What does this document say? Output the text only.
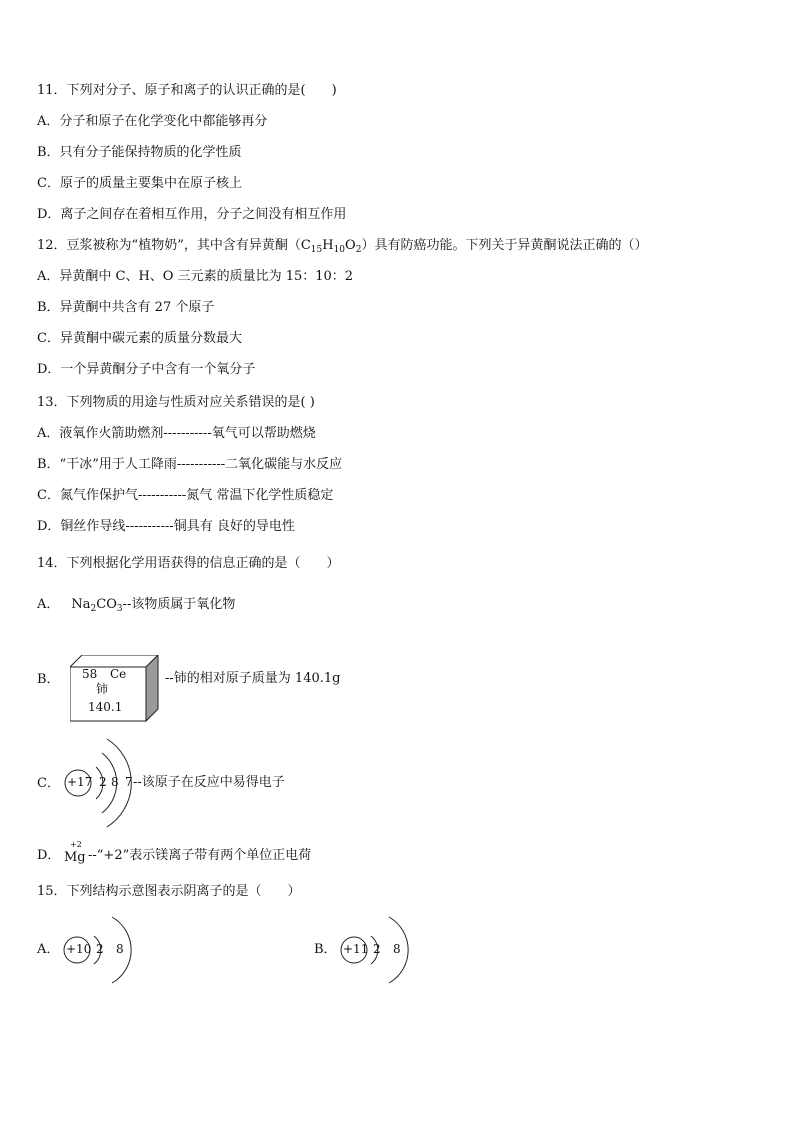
11．下列对分子、原子和离子的认识正确的是(　　)
A．分子和原子在化学变化中都能够再分
B．只有分子能保持物质的化学性质
C．原子的质量主要集中在原子核上
D．离子之间存在着相互作用，分子之间没有相互作用
12．豆浆被称为“植物奶”，其中含有异黄酮$(C_{15}H_{10}O_2)$具有防癌功能。下列关于异黄酮说法正确的（）
A．异黄酮中 C、H、O 三元素的质量比为 15：10：2
B．异黄酮中共含有 27 个原子
C．异黄酮中碳元素的质量分数最大
D．一个异黄酮分子中含有一个氧分子
13．下列物质的用途与性质对应关系错误的是( )
A．液氧作火箭助燃剂-----------氧气可以帮助燃烧
B．“干冰”用于人工降雨-----------二氧化碳能与水反应
C．氮气作保护气-----------氮气 常温下化学性质稳定
D．铜丝作导线-----------铜具有 良好的导电性
14．下列根据化学用语获得的信息正确的是（　　）
A． $Na_2CO_3--$该物质属于氧化物
B． 58 Ce
铈
140.1
--铈的相对原子质量为 140.1g
C． +17 2 8 7 --该原子在反应中易得电子
D．
+2
Mg --“+2”表示镁离子带有两个单位正电荷
15．下列结构示意图表示阴离子的是（　　）
A． +10 2 8	B． +11 2 8
